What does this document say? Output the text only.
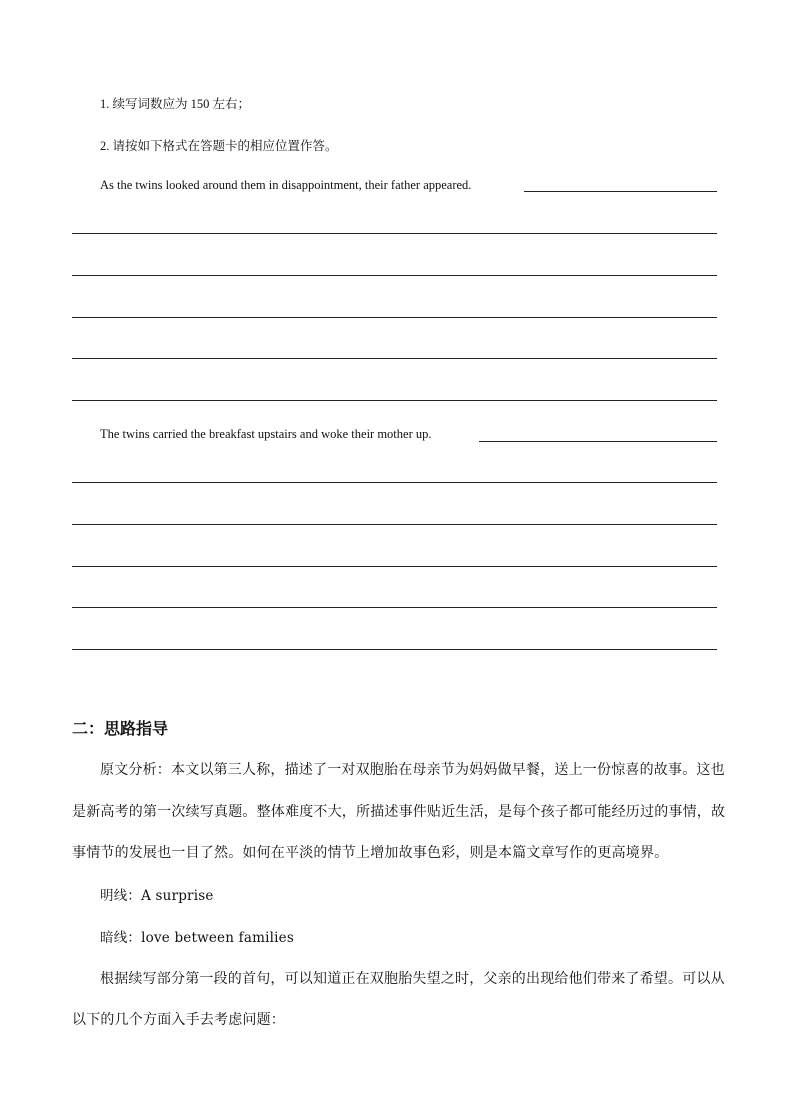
1. 续写词数应为 150 左右；
2. 请按如下格式在答题卡的相应位置作答。
As the twins looked around them in disappointment, their father appeared.
The twins carried the breakfast upstairs and woke their mother up.
二：思路指导
原文分析：本文以第三人称，描述了一对双胞胎在母亲节为妈妈做早餐，送上一份惊喜的故事。这也
是新高考的第一次续写真题。整体难度不大，所描述事件贴近生活，是每个孩子都可能经历过的事情，故
事情节的发展也一目了然。如何在平淡的情节上增加故事色彩，则是本篇文章写作的更高境界。
明线：A surprise
暗线：love between families
根据续写部分第一段的首句，可以知道正在双胞胎失望之时，父亲的出现给他们带来了希望。可以从
以下的几个方面入手去考虑问题：
